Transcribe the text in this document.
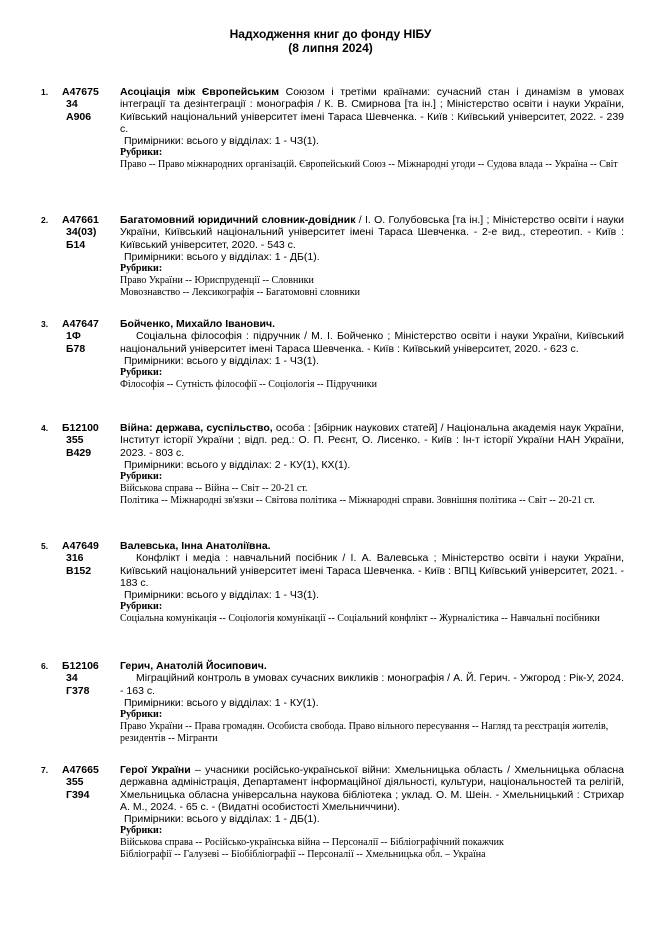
Надходження книг до фонду НІБУ
(8 липня 2024)
1. А47675
34
А906
Асоціація між Європейським Союзом і третіми країнами: сучасний стан і динамізм в умовах інтеграції та дезінтеграції : монографія / К. В. Смирнова [та ін.] ; Міністерство освіти і науки України, Київський національний університет імені Тараса Шевченка. - Київ : Київський університет, 2022. - 239 с.
Примірники: всього у відділах: 1 - ЧЗ(1).
Рубрики:
Право -- Право міжнародних організацій. Європейський Союз -- Міжнародні угоди -- Судова влада -- Україна -- Світ
2. А47661
34(03)
Б14
Багатомовний юридичний словник-довідник / І. О. Голубовська [та ін.] ; Міністерство освіти і науки України, Київський національний університет імені Тараса Шевченка. - 2-е вид., стереотип. - Київ : Київський університет, 2020. - 543 с.
Примірники: всього у відділах: 1 - ДБ(1).
Рубрики:
Право України -- Юриспруденції -- Словники
Мовознавство -- Лексикографія -- Багатомовні словники
3. А47647
1Ф
Б78
Бойченко, Михайло Іванович.
Соціальна філософія : підручник / М. І. Бойченко ; Міністерство освіти і науки України, Київський національний університет імені Тараса Шевченка. - Київ : Київський університет, 2020. - 623 с.
Примірники: всього у відділах: 1 - ЧЗ(1).
Рубрики:
Філософія -- Сутність філософії -- Соціологія -- Підручники
4. Б12100
355
В429
Війна: держава, суспільство, особа : [збірник наукових статей] / Національна академія наук України, Інститут історії України ; відп. ред.: О. П. Реєнт, О. Лисенко. - Київ : Ін-т історії України НАН України, 2023. - 803 с.
Примірники: всього у відділах: 2 - КУ(1), КХ(1).
Рубрики:
Військова справа -- Війна -- Світ -- 20-21 ст.
Політика -- Міжнародні зв'язки -- Світова політика -- Міжнародні справи. Зовнішня політика -- Світ -- 20-21 ст.
5. А47649
316
В152
Валевська, Інна Анатоліївна.
Конфлікт і медіа : навчальний посібник / І. А. Валевська ; Міністерство освіти і науки України, Київський національний університет імені Тараса Шевченка. - Київ : ВПЦ Київський університет, 2021. - 183 с.
Примірники: всього у відділах: 1 - ЧЗ(1).
Рубрики:
Соціальна комунікація -- Соціологія комунікації -- Соціальний конфлікт -- Журналістика -- Навчальні посібники
6. Б12106
34
Г378
Герич, Анатолій Йосипович.
Міграційний контроль в умовах сучасних викликів : монографія / А. Й. Герич. - Ужгород : Рік-У, 2024. - 163 с.
Примірники: всього у відділах: 1 - КУ(1).
Рубрики:
Право України -- Права громадян. Особиста свобода. Право вільного пересування -- Нагляд та реєстрація жителів, резидентів -- Мігранти
7. А47665
355
Г394
Герої України – учасники російсько-української війни: Хмельницька область / Хмельницька обласна державна адміністрація, Департамент інформаційної діяльності, культури, національностей та релігій, Хмельницька обласна універсальна наукова бібліотека ; уклад. О. М. Шеін. - Хмельницький : Стрихар А. М., 2024. - 65 с. - (Видатні особистості Хмельниччини).
Примірники: всього у відділах: 1 - ДБ(1).
Рубрики:
Військова справа -- Російсько-українська війна -- Персоналії -- Бібліографічний покажчик
Бібліографії -- Галузеві -- Біобібліографії -- Персоналії -- Хмельницька обл. – Україна
